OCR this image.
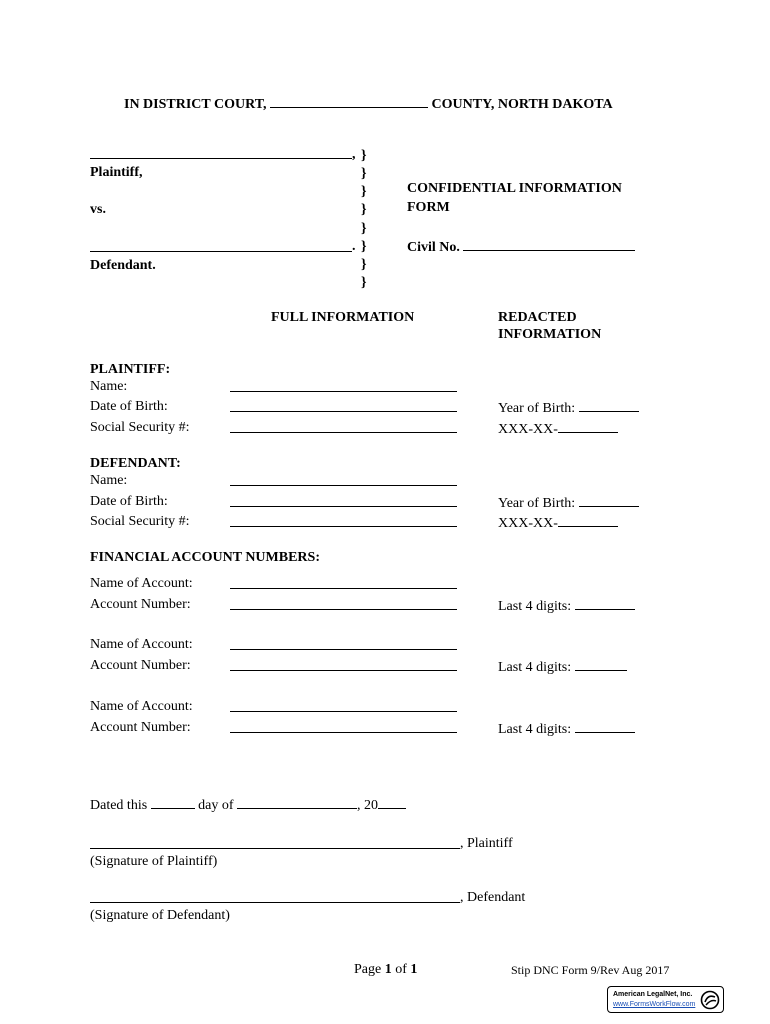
IN DISTRICT COURT,	COUNTY, NORTH DAKOTA
,
Plaintiff,
vs.
.
Defendant.
}
}
}
}
}
}
}
}
CONFIDENTIAL INFORMATION
FORM
Civil No.
FULL INFORMATION	REDACTED
INFORMATION
PLAINTIFF:
Name:
Date of Birth:	Year of Birth:
Social Security #:	XXX-XX-
DEFENDANT:
Name:
Date of Birth:	Year of Birth:
Social Security #:	XXX-XX-
FINANCIAL ACCOUNT NUMBERS:
Name of Account:
Account Number:	Last 4 digits:
Name of Account:
Account Number:	Last 4 digits:
Name of Account:
Account Number:	Last 4 digits:
Dated this	day of	, 20
, Plaintiff
(Signature of Plaintiff)
, Defendant
(Signature of Defendant)
Page 1 of 1	Stip DNC Form 9/Rev Aug 2017
American LegalNet, Inc.
www.FormsWorkFlow.com
